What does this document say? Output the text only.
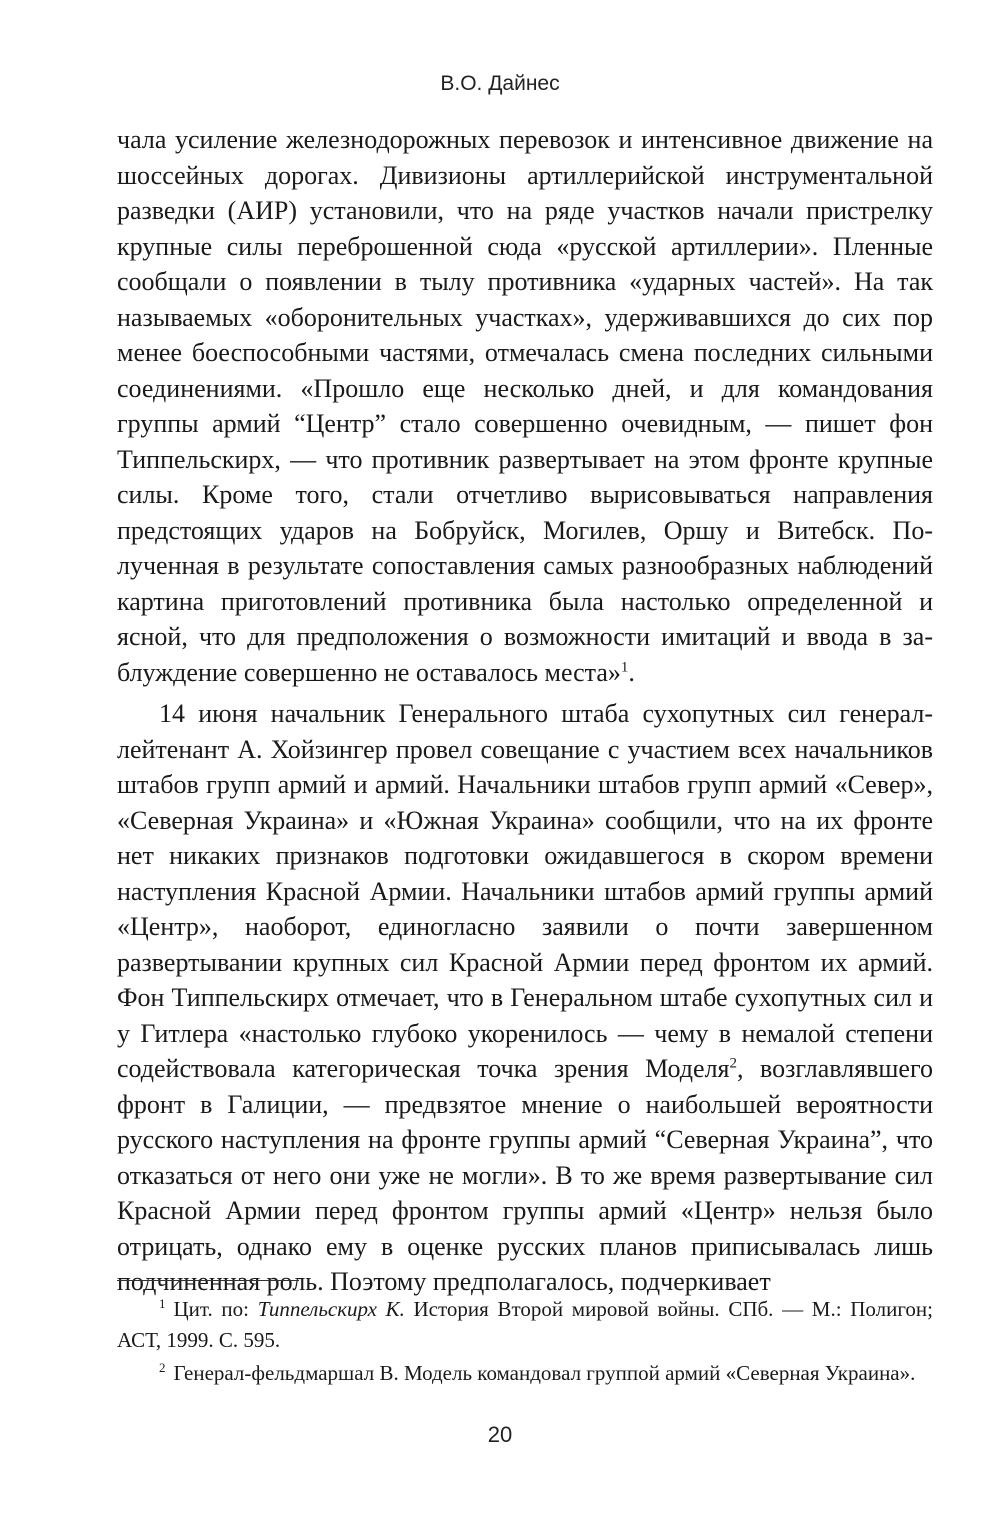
В.О. Дайнес

чала усиление железнодорожных перевозок и интенсивное движение на шоссейных дорогах. Дивизионы артиллерийской инструментальной разведки (АИР) установили, что на ряде участков начали пристрелку крупные силы переброшенной сюда «русской артиллерии». Пленные сообщали о появлении в тылу противника «ударных частей». На так называемых «оборонительных участках», удерживавшихся до сих пор менее боеспособными частями, отмечалась смена последних сильными соединениями. «Прошло еще несколько дней, и для командования группы армий “Центр” стало совершенно очевидным, — пишет фон Типпельскирх, — что противник развертывает на этом фронте крупные силы. Кроме того, стали отчетливо вырисовываться направления предстоящих ударов на Бобруйск, Могилев, Оршу и Витебск. Полученная в результате сопоставления самых разнообразных наблюдений картина приготовлений противника была настолько определенной и ясной, что для предположения о возможности имитаций и ввода в заблуждение совершенно не оставалось места»$^1$.

14 июня начальник Генерального штаба сухопутных сил генерал-лейтенант А. Хойзингер провел совещание с участием всех начальников штабов групп армий и армий. Начальники штабов групп армий «Север», «Северная Украина» и «Южная Украина» сообщили, что на их фронте нет никаких признаков подготовки ожидавшегося в скором времени наступления Красной Армии. Начальники штабов армий группы армий «Центр», наоборот, единогласно заявили о почти завершенном развертывании крупных сил Красной Армии перед фронтом их армий. Фон Типпельскирх отмечает, что в Генеральном штабе сухопутных сил и у Гитлера «настолько глубоко укоренилось — чему в немалой степени содействовала категорическая точка зрения Моделя$^2$, возглавлявшего фронт в Галиции, — предвзятое мнение о наибольшей вероятности русского наступления на фронте группы армий “Северная Украина”, что отказаться от него они уже не могли». В то же время развертывание сил Красной Армии перед фронтом группы армий «Центр» нельзя было отрицать, однако ему в оценке русских планов приписывалась лишь подчиненная роль. Поэтому предполагалось, подчеркивает

$^1$ Цит. по: Типпельскирх К. История Второй мировой войны. СПб. — М.: Полигон; АСТ, 1999. С. 595.

$^2$ Генерал-фельдмаршал В. Модель командовал группой армий «Северная Украина».

20
